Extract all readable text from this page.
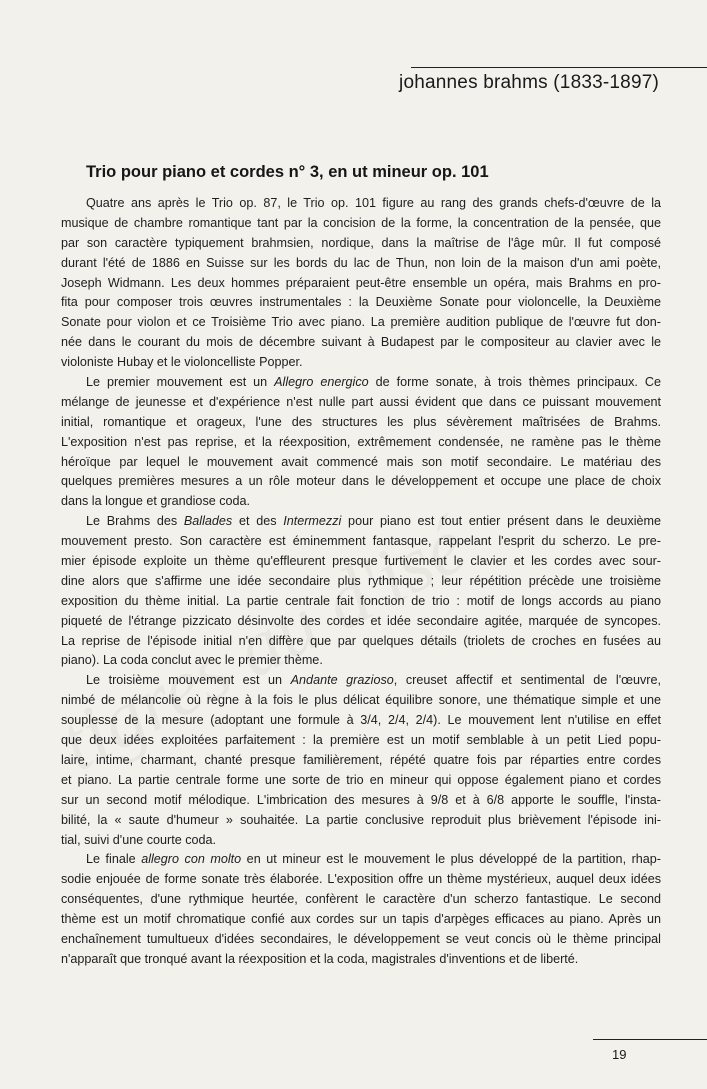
johannes brahms (1833-1897)
Trio pour piano et cordes n° 3, en ut mineur op. 101
Quatre ans après le Trio op. 87, le Trio op. 101 figure au rang des grands chefs-d'œuvre de la
musique de chambre romantique tant par la concision de la forme, la concentration de la pensée, que
par son caractère typiquement brahmsien, nordique, dans la maîtrise de l'âge mûr. Il fut composé
durant l'été de 1886 en Suisse sur les bords du lac de Thun, non loin de la maison d'un ami poète,
Joseph Widmann. Les deux hommes préparaient peut-être ensemble un opéra, mais Brahms en pro-
fita pour composer trois œuvres instrumentales : la Deuxième Sonate pour violoncelle, la Deuxième
Sonate pour violon et ce Troisième Trio avec piano. La première audition publique de l'œuvre fut don-
née dans le courant du mois de décembre suivant à Budapest par le compositeur au clavier avec le
violoniste Hubay et le violoncelliste Popper.
Le premier mouvement est un Allegro energico de forme sonate, à trois thèmes principaux. Ce
mélange de jeunesse et d'expérience n'est nulle part aussi évident que dans ce puissant mouvement
initial, romantique et orageux, l'une des structures les plus sévèrement maîtrisées de Brahms.
L'exposition n'est pas reprise, et la réexposition, extrêmement condensée, ne ramène pas le thème
héroïque par lequel le mouvement avait commencé mais son motif secondaire. Le matériau des
quelques premières mesures a un rôle moteur dans le développement et occupe une place de choix
dans la longue et grandiose coda.
Le Brahms des Ballades et des Intermezzi pour piano est tout entier présent dans le deuxième
mouvement presto. Son caractère est éminemment fantasque, rappelant l'esprit du scherzo. Le pre-
mier épisode exploite un thème qu'effleurent presque furtivement le clavier et les cordes avec sour-
dine alors que s'affirme une idée secondaire plus rythmique ; leur répétition précède une troisième
exposition du thème initial. La partie centrale fait fonction de trio : motif de longs accords au piano
piqueté de l'étrange pizzicato désinvolte des cordes et idée secondaire agitée, marquée de syncopes.
La reprise de l'épisode initial n'en diffère que par quelques détails (triolets de croches en fusées au
piano). La coda conclut avec le premier thème.
Le troisième mouvement est un Andante grazioso, creuset affectif et sentimental de l'œuvre,
nimbé de mélancolie où règne à la fois le plus délicat équilibre sonore, une thématique simple et une
souplesse de la mesure (adoptant une formule à 3/4, 2/4, 2/4). Le mouvement lent n'utilise en effet
que deux idées exploitées parfaitement : la première est un motif semblable à un petit Lied popu-
laire, intime, charmant, chanté presque familièrement, répété quatre fois par réparties entre cordes
et piano. La partie centrale forme une sorte de trio en mineur qui oppose également piano et cordes
sur un second motif mélodique. L'imbrication des mesures à 9/8 et à 6/8 apporte le souffle, l'insta-
bilité, la « saute d'humeur » souhaitée. La partie conclusive reproduit plus brièvement l'épisode ini-
tial, suivi d'une courte coda.
Le finale allegro con molto en ut mineur est le mouvement le plus développé de la partition, rhap-
sodie enjouée de forme sonate très élaborée. L'exposition offre un thème mystérieux, auquel deux idées
conséquentes, d'une rythmique heurtée, confèrent le caractère d'un scherzo fantastique. Le second
thème est un motif chromatique confié aux cordes sur un tapis d'arpèges efficaces au piano. Après un
enchaînement tumultueux d'idées secondaires, le développement se veut concis où le thème principal
n'apparaît que tronqué avant la réexposition et la coda, magistrales d'inventions et de liberté.
19
